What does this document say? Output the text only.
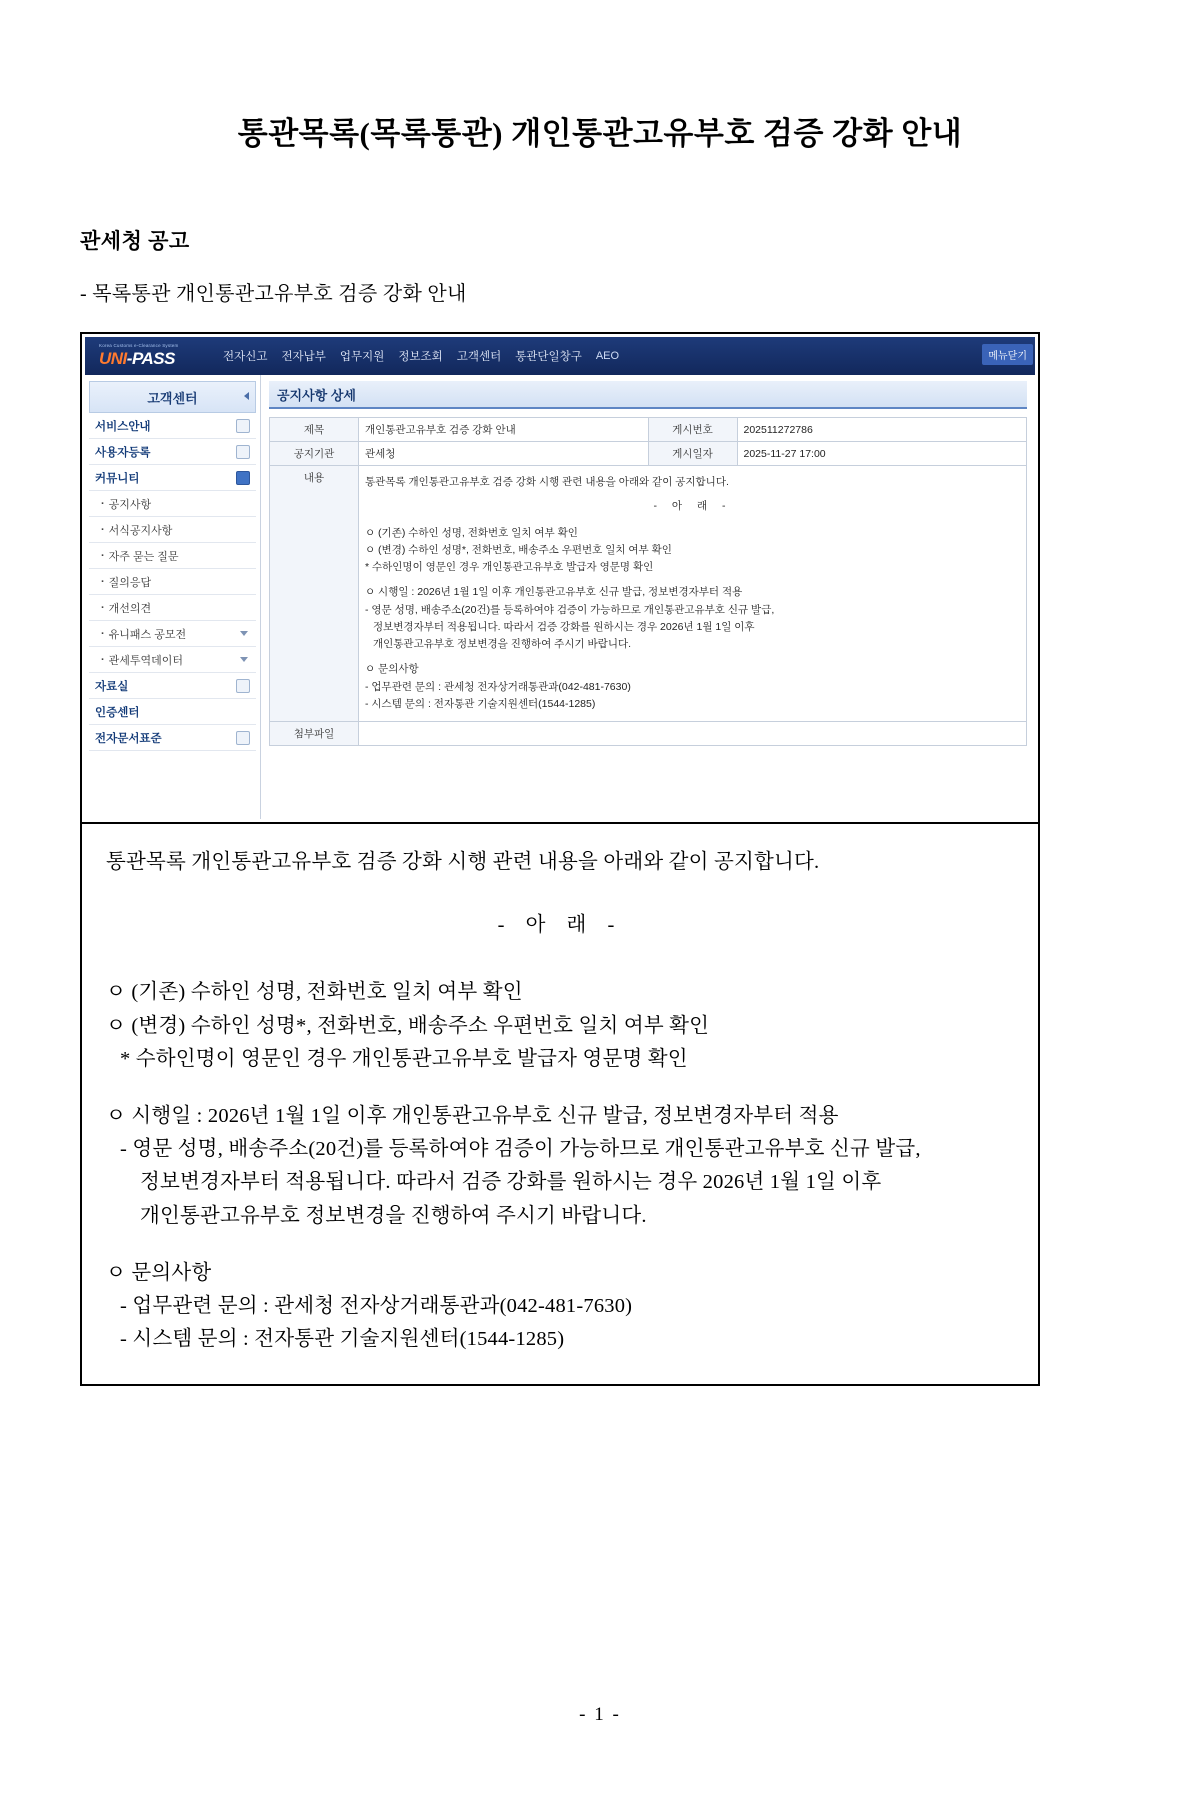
통관목록(목록통관) 개인통관고유부호 검증 강화 안내
관세청 공고
- 목록통관 개인통관고유부호 검증 강화 안내
Korea Customs e-Clearance System
UNI-PASS	전자신고 전자납부 업무지원 정보조회 고객센터 통관단일창구 AEO	메뉴닫기
고객센터
서비스안내
사용자등록
커뮤니티
· 공지사항
· 서식공지사항
· 자주 묻는 질문
· 질의응답
· 개선의견
· 유니패스 공모전
· 관세투역데이터
자료실
인증센터
전자문서표준
공지사항 상세
제목	개인통관고유부호 검증 강화 안내	게시번호	202511272786
공지기관	관세청	게시일자	2025-11-27 17:00
내용	통관목록 개인통관고유부호 검증 강화 시행 관련 내용을 아래와 같이 공지합니다.

- 아 래 -

ㅇ (기존) 수하인 성명, 전화번호 일치 여부 확인

ㅇ (변경) 수하인 성명*, 전화번호, 배송주소 우편번호 일치 여부 확인

* 수하인명이 영문인 경우 개인통관고유부호 발급자 영문명 확인

ㅇ 시행일 : 2026년 1월 1일 이후 개인통관고유부호 신규 발급, 정보변경자부터 적용

- 영문 성명, 배송주소(20건)를 등록하여야 검증이 가능하므로 개인통관고유부호 신규 발급,

정보변경자부터 적용됩니다. 따라서 검증 강화를 원하시는 경우 2026년 1월 1일 이후

개인통관고유부호 정보변경을 진행하여 주시기 바랍니다.

ㅇ 문의사항

- 업무관련 문의 : 관세청 전자상거래통관과(042-481-7630)

- 시스템 문의 : 전자통관 기술지원센터(1544-1285)

첨부파일			

통관목록 개인통관고유부호 검증 강화 시행 관련 내용을 아래와 같이 공지합니다.

- 아 래 -

ㅇ (기존) 수하인 성명, 전화번호 일치 여부 확인

ㅇ (변경) 수하인 성명*, 전화번호, 배송주소 우편번호 일치 여부 확인

* 수하인명이 영문인 경우 개인통관고유부호 발급자 영문명 확인

ㅇ 시행일 : 2026년 1월 1일 이후 개인통관고유부호 신규 발급, 정보변경자부터 적용

- 영문 성명, 배송주소(20건)를 등록하여야 검증이 가능하므로 개인통관고유부호 신규 발급,

정보변경자부터 적용됩니다. 따라서 검증 강화를 원하시는 경우 2026년 1월 1일 이후

개인통관고유부호 정보변경을 진행하여 주시기 바랍니다.

ㅇ 문의사항

- 업무관련 문의 : 관세청 전자상거래통관과(042-481-7630)

- 시스템 문의 : 전자통관 기술지원센터(1544-1285)

- 1 -
